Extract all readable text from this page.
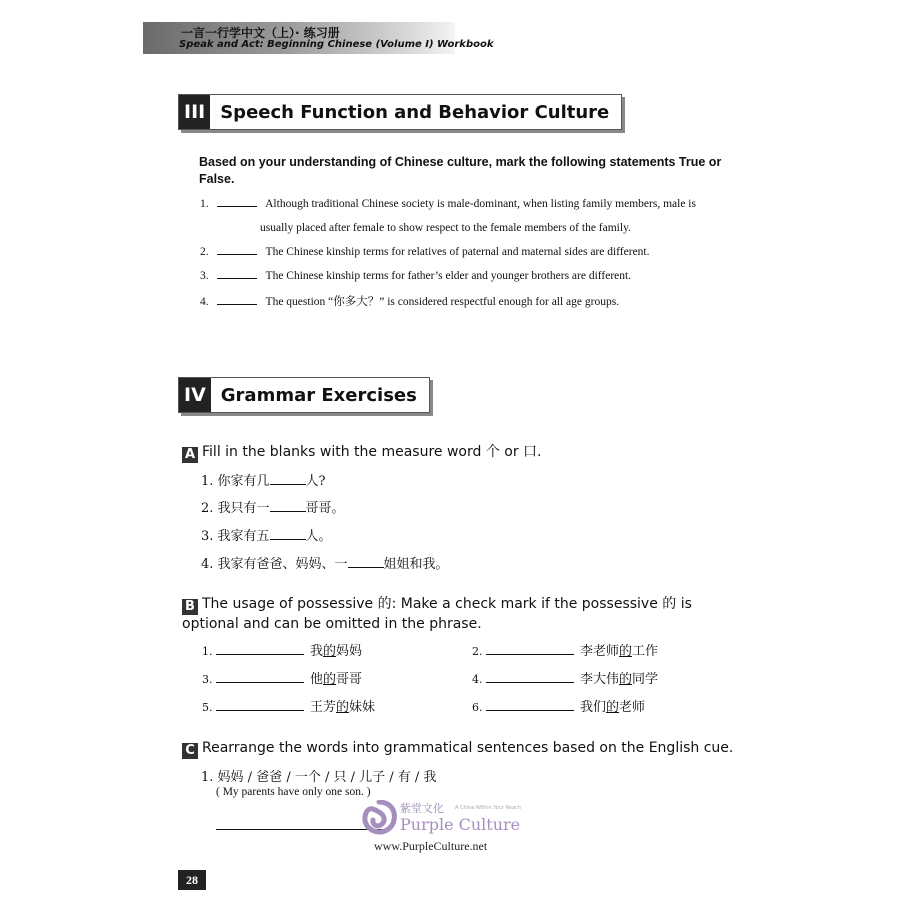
一言一行学中文（上）· 练习册
Speak and Act: Beginning Chinese (Volume I) Workbook
III Speech Function and Behavior Culture
Based on your understanding of Chinese culture, mark the following statements True or False.
1.	Although traditional Chinese society is male-dominant, when listing family members, male is
usually placed after female to show respect to the female members of the family.
2.	The Chinese kinship terms for relatives of paternal and maternal sides are different.
3.	The Chinese kinship terms for father’s elder and younger brothers are different.
4.	The question “你多大？” is considered respectful enough for all age groups.
IV Grammar Exercises
A Fill in the blanks with the measure word 个 or 口.
1. 你家有几	人?
2. 我只有一	哥哥。
3. 我家有五	人。
4. 我家有爸爸、妈妈、一	姐姐和我。
B The usage of possessive 的: Make a check mark if the possessive 的 is optional and can be omitted in the phrase.
1.	我的妈妈	2.	李老师的工作
3.	他的哥哥	4.	李大伟的同学
5.	王芳的妹妹	6.	我们的老师
C Rearrange the words into grammatical sentences based on the English cue.
1. 妈妈 / 爸爸 / 一个 / 只 / 儿子 / 有 / 我
( My parents have only one son. )
紫堂文化 A China Within Your Reach
Purple Culture
www.PurpleCulture.net
28
